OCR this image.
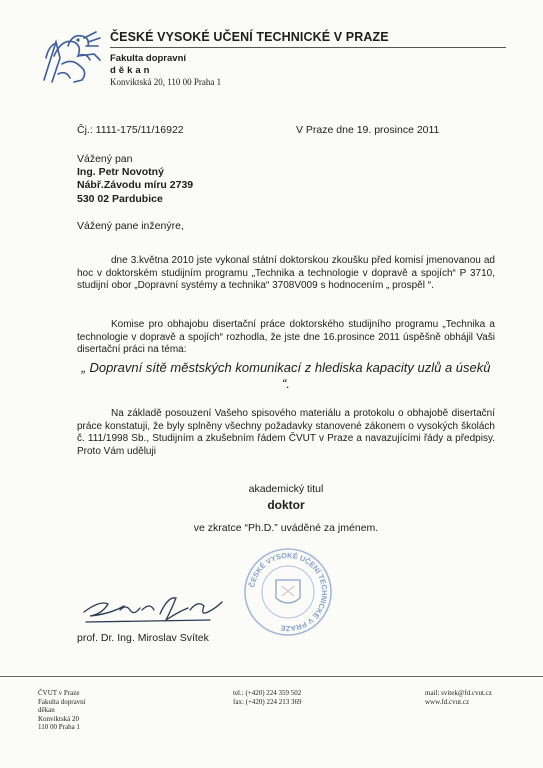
ČESKÉ VYSOKÉ UČENÍ TECHNICKÉ V PRAZE
Fakulta dopravní
děkan
Konviktská 20, 110 00 Praha 1
Čj.: 1111-175/11/16922	V Praze dne 19. prosince 2011
Vážený pan
Ing. Petr Novotný
Nábř.Závodu míru 2739
530 02 Pardubice
Vážený pane inženýre,
dne 3.května 2010 jste vykonal státní doktorskou zkoušku před komisí jmenovanou ad hoc v doktorském studijním programu „Technika a technologie v dopravě a spojích“ P 3710, studijní obor „Dopravní systémy a technika“ 3708V009 s hodnocením „ prospěl “.
Komise pro obhajobu disertační práce doktorského studijního programu „Technika a technologie v dopravě a spojích“ rozhodla, že jste dne 16.prosince 2011 úspěšně obhájil Vaši disertační práci na téma:
„ Dopravní sítě městských komunikací z hlediska kapacity uzlů a úseků “.
Na základě posouzení Vašeho spisového materiálu a protokolu o obhajobě disertační práce konstatuji, že byly splněny všechny požadavky stanovené zákonem o vysokých školách č. 111/1998 Sb., Studijním a zkušebním řádem ČVUT v Praze a navazujícími řády a předpisy. Proto Vám uděluji
akademický titul
doktor
ve zkratce “Ph.D.” uváděné za jménem.
ČESKÉ VYSOKÉ UČENÍ TECHNICKÉ V PRAZE
prof. Dr. Ing. Miroslav Svítek
ČVUT v Praze
Fakulta dopravní
děkan
Konviktská 20
110 00 Praha 1
tel.: (+420) 224 359 502
fax: (+420) 224 213 369
mail: svitek@fd.cvut.cz
www.fd.cvut.cz
